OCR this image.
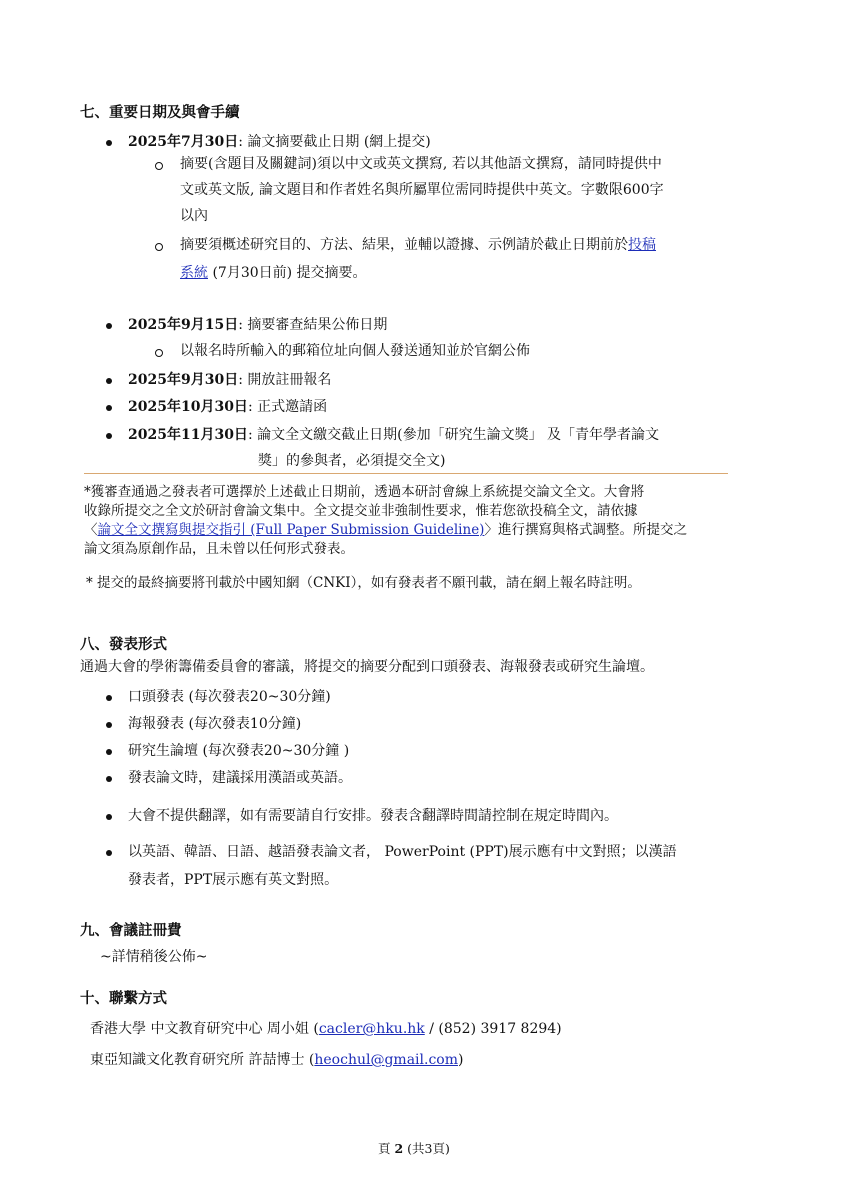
七、重要日期及與會手續
2025年7月30日: 論文摘要截止日期 (網上提交)
摘要(含題目及關鍵詞)須以中文或英文撰寫, 若以其他語文撰寫，請同時提供中
文或英文版, 論文題目和作者姓名與所屬單位需同時提供中英文。字數限600字
以內
摘要須概述研究目的、方法、結果，並輔以證據、示例請於截止日期前於投稿
系統 (7月30日前) 提交摘要。
2025年9月15日: 摘要審查結果公佈日期
以報名時所輸入的郵箱位址向個人發送通知並於官網公佈
2025年9月30日: 開放註冊報名
2025年10月30日: 正式邀請函
2025年11月30日: 論文全文繳交截止日期(參加「研究生論文獎」 及「青年學者論文
獎」的參與者，必須提交全文)
*獲審查通過之發表者可選擇於上述截止日期前，透過本研討會線上系統提交論文全文。大會將
收錄所提交之全文於研討會論文集中。全文提交並非強制性要求，惟若您欲投稿全文，請依據
〈論文全文撰寫與提交指引 (Full Paper Submission Guideline)〉進行撰寫與格式調整。所提交之
論文須為原創作品，且未曾以任何形式發表。
* 提交的最終摘要將刊載於中國知網（CNKI），如有發表者不願刊載，請在網上報名時註明。
八、發表形式
通過大會的學術籌備委員會的審議，將提交的摘要分配到口頭發表、海報發表或研究生論壇。
口頭發表 (每次發表20~30分鐘)
海報發表 (每次發表10分鐘)
研究生論壇 (每次發表20~30分鐘 )
發表論文時，建議採用漢語或英語。
大會不提供翻譯，如有需要請自行安排。發表含翻譯時間請控制在規定時間內。
以英語、韓語、日語、越語發表論文者， PowerPoint (PPT)展示應有中文對照；以漢語
發表者，PPT展示應有英文對照。
九、會議註冊費
~詳情稍後公佈~
十、聯繫方式
香港大學 中文教育研究中心 周小姐 (cacler@hku.hk / (852) 3917 8294)
東亞知識文化教育研究所 許喆博士 (heochul@gmail.com)
頁 2 (共3頁)
